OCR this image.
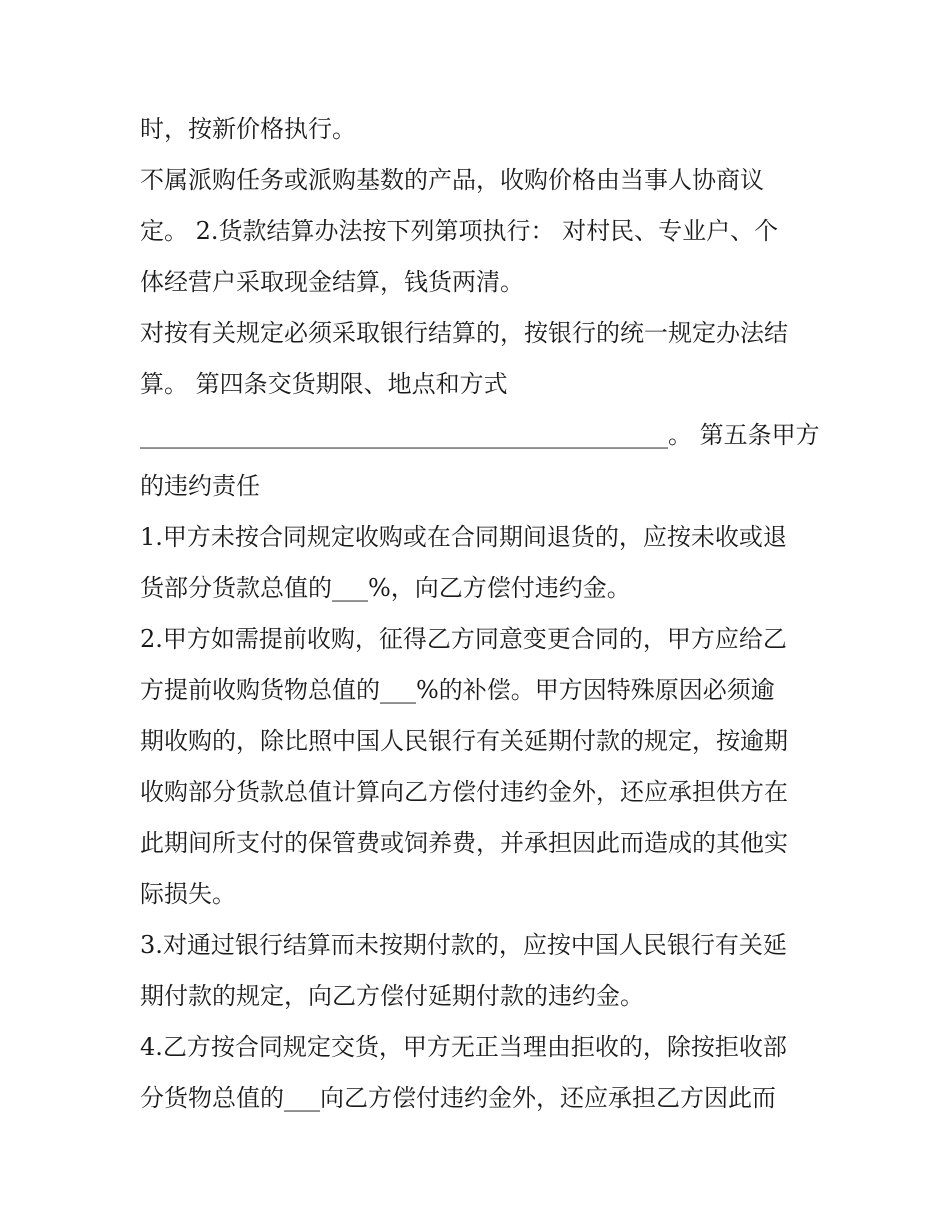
时，按新价格执行。
不属派购任务或派购基数的产品，收购价格由当事人协商议
定。 2.货款结算办法按下列第项执行： 对村民、专业户、个
体经营户采取现金结算，钱货两清。
对按有关规定必须采取银行结算的，按银行的统一规定办法结
算。 第四条交货期限、地点和方式
____________________________________________。 第五条甲方
的违约责任
1.甲方未按合同规定收购或在合同期间退货的，应按未收或退
货部分货款总值的___%，向乙方偿付违约金。
2.甲方如需提前收购，征得乙方同意变更合同的，甲方应给乙
方提前收购货物总值的___%的补偿。甲方因特殊原因必须逾
期收购的，除比照中国人民银行有关延期付款的规定，按逾期
收购部分货款总值计算向乙方偿付违约金外，还应承担供方在
此期间所支付的保管费或饲养费，并承担因此而造成的其他实
际损失。
3.对通过银行结算而未按期付款的，应按中国人民银行有关延
期付款的规定，向乙方偿付延期付款的违约金。
4.乙方按合同规定交货，甲方无正当理由拒收的，除按拒收部
分货物总值的___向乙方偿付违约金外，还应承担乙方因此而
